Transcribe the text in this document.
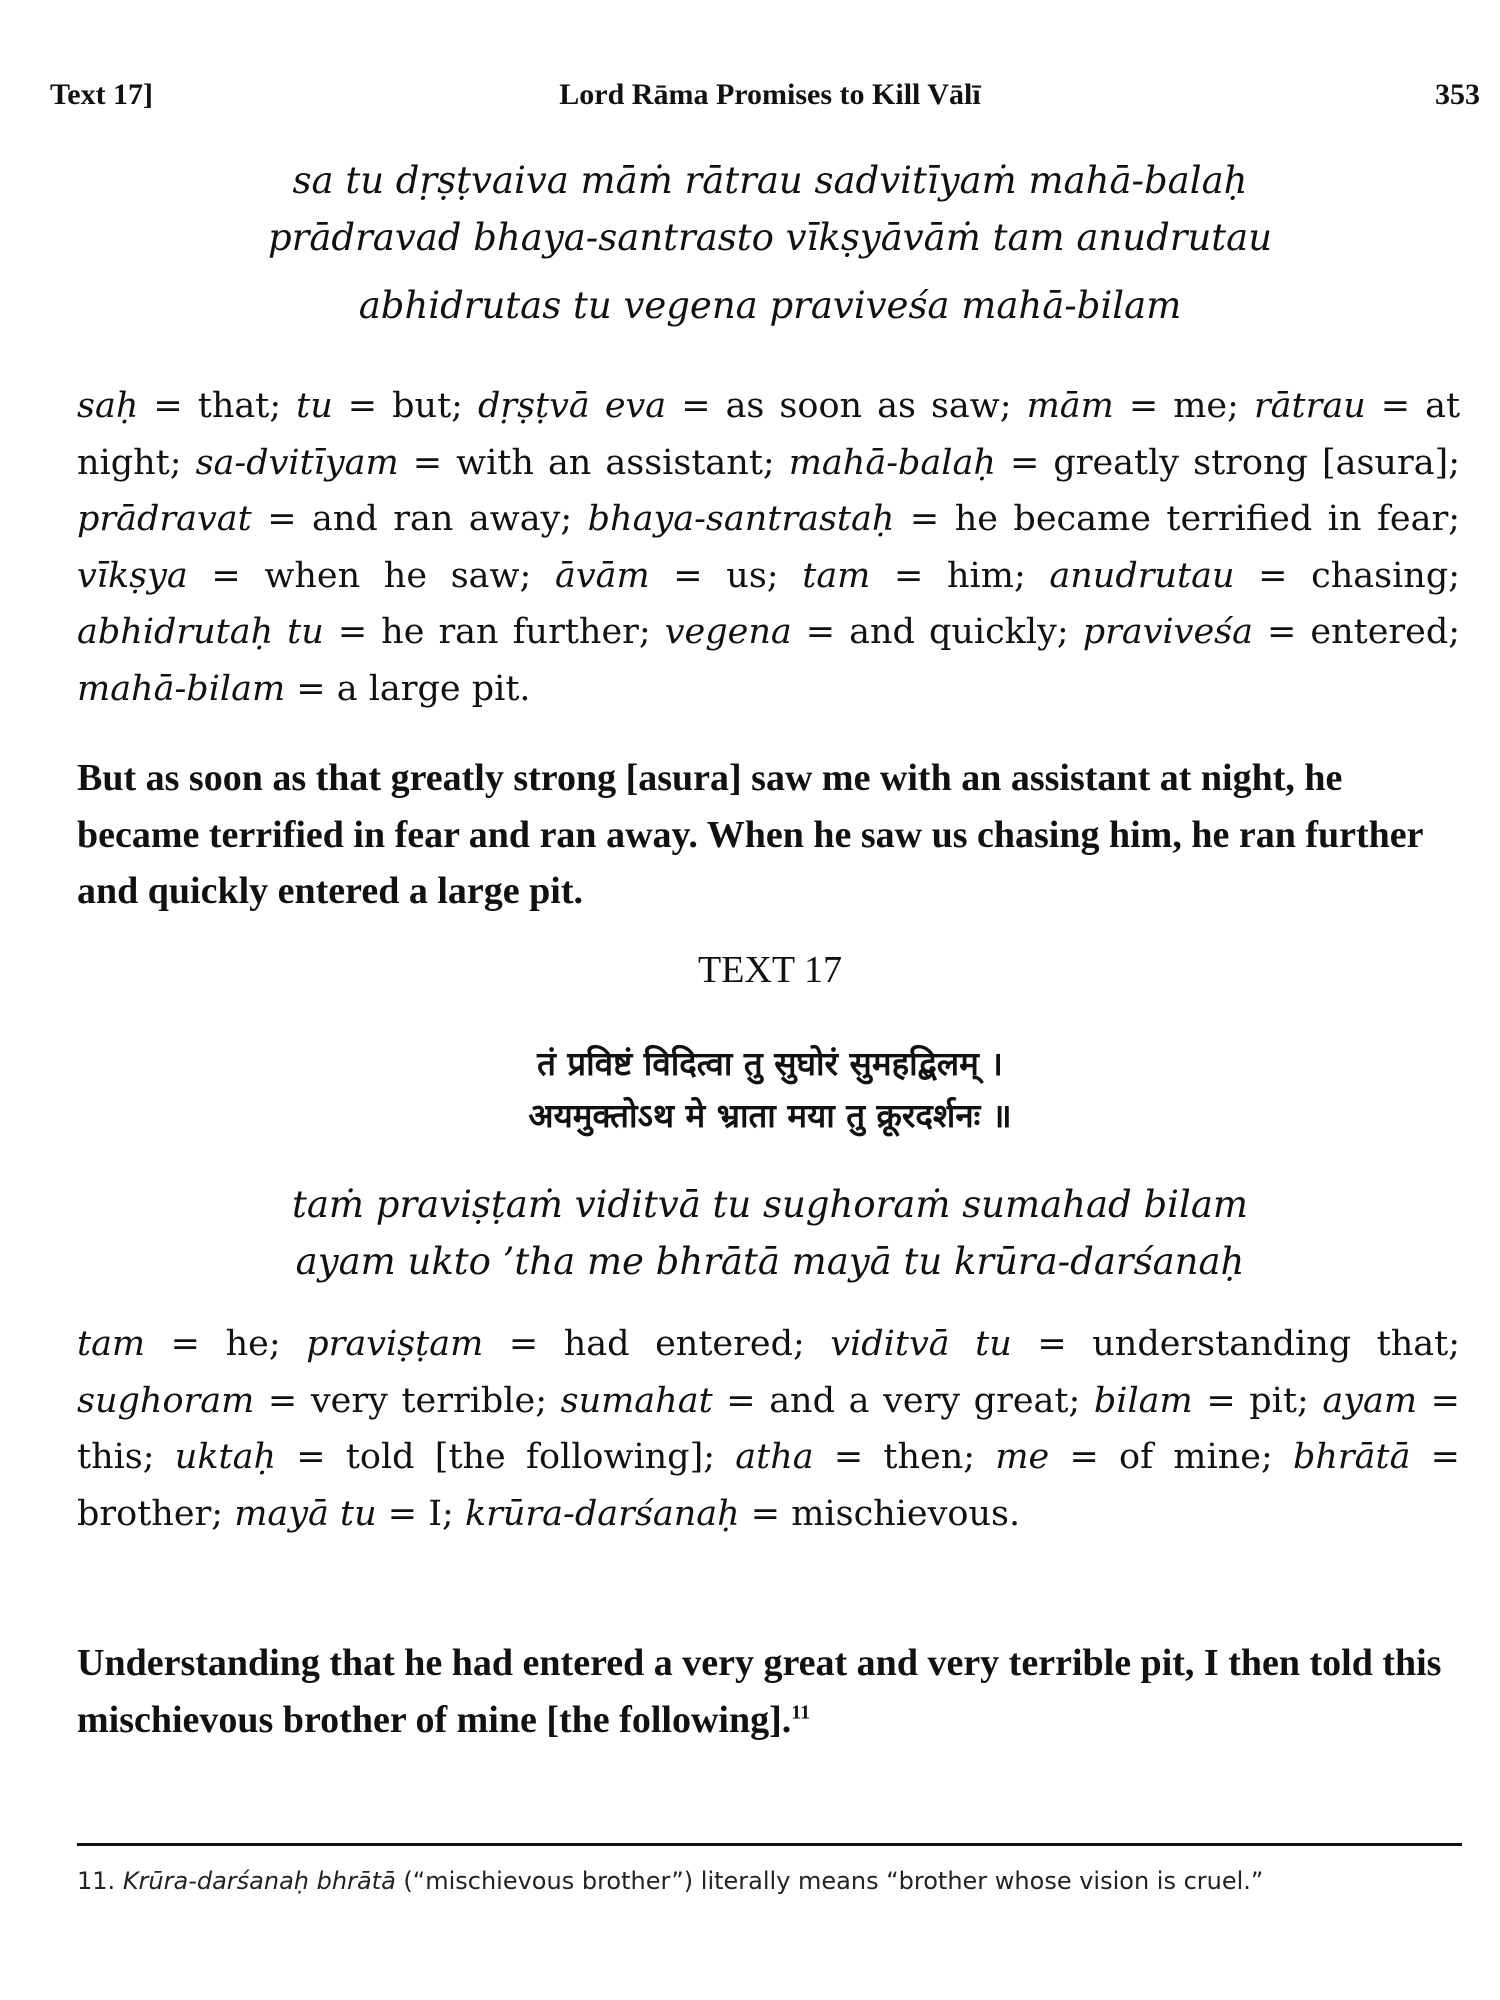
Text 17]	Lord Rāma Promises to Kill Vālī	353
sa tu dṛṣṭvaiva māṁ rātrau sadvitīyaṁ mahā-balaḥ
prādravad bhaya-santrasto vīkṣyāvāṁ tam anudrutau
abhidrutas tu vegena praviveśa mahā-bilam
saḥ = that; tu = but; dṛṣṭvā eva = as soon as saw; mām = me; rātrau = at night; sa-dvitīyam = with an assistant; mahā-balaḥ = greatly strong [asura]; prādravat = and ran away; bhaya-santrastaḥ = he became terrified in fear; vīkṣya = when he saw; āvām = us; tam = him; anudrutau = chasing; abhidrutaḥ tu = he ran further; vegena = and quickly; praviveśa = entered; mahā-bilam = a large pit.
But as soon as that greatly strong [asura] saw me with an assistant at night, he became terrified in fear and ran away. When he saw us chasing him, he ran further and quickly entered a large pit.
TEXT 17
तं प्रविष्टं विदित्वा तु सुघोरं सुमहद्बिलम् ।
अयमुक्तोऽथ मे भ्राता मया तु क्रूरदर्शनः ॥
taṁ praviṣṭaṁ viditvā tu sughoraṁ sumahad bilam
ayam ukto ’tha me bhrātā mayā tu krūra-darśanaḥ
tam = he; praviṣṭam = had entered; viditvā tu = understanding that; sughoram = very terrible; sumahat = and a very great; bilam = pit; ayam = this; uktaḥ = told [the following]; atha = then; me = of mine; bhrātā = brother; mayā tu = I; krūra-darśanaḥ = mischievous.
Understanding that he had entered a very great and very terrible pit, I then told this mischievous brother of mine [the following].$^{11}$
11. Krūra-darśanaḥ bhrātā (“mischievous brother”) literally means “brother whose vision is cruel.”
